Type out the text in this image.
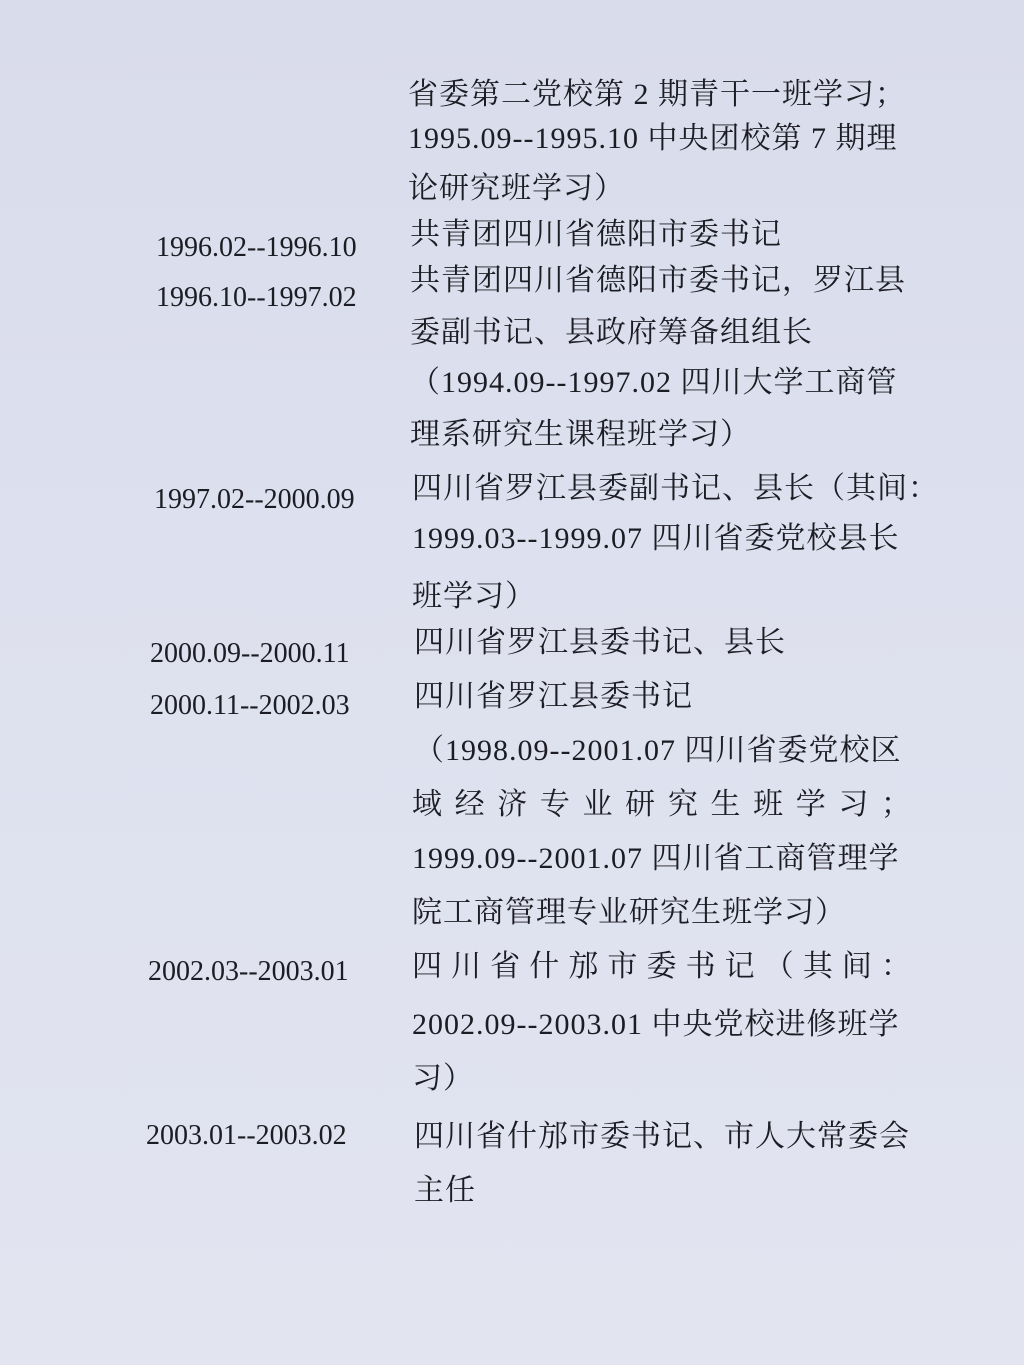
省委第二党校第 2 期青干一班学习；
1995.09--1995.10 中央团校第 7 期理
论研究班学习）
1996.02--1996.10 共青团四川省德阳市委书记
1996.10--1997.02
共青团四川省德阳市委书记，罗江县
委副书记、县政府筹备组组长
（1994.09--1997.02 四川大学工商管
理系研究生课程班学习）
1997.02--2000.09 四川省罗江县委副书记、县长（其间：
1999.03--1999.07 四川省委党校县长
班学习）
2000.09--2000.11 四川省罗江县委书记、县长
2000.11--2002.03 四川省罗江县委书记
（1998.09--2001.07 四川省委党校区
域经济专业研究生班学习；
1999.09--2001.07 四川省工商管理学
院工商管理专业研究生班学习）
2002.03--2003.01 四川省什邡市委书记（其间：
2002.09--2003.01 中央党校进修班学
习）
2003.01--2003.02 四川省什邡市委书记、市人大常委会
主任
